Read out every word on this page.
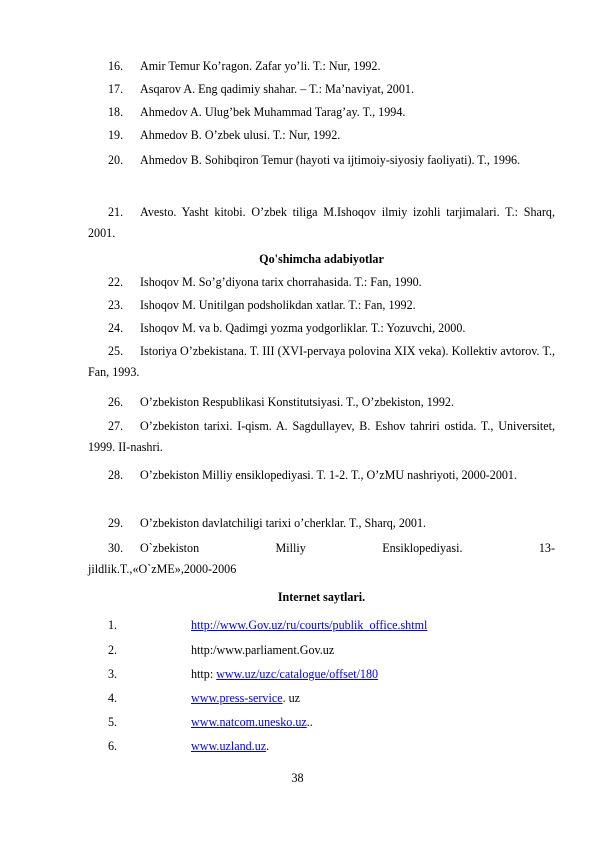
16.	Amir Temur Ko’ragon. Zafar yo’li. T.: Nur, 1992.
17.	Asqarov A. Eng qadimiy shahar. – T.: Ma’naviyat, 2001.
18.	Ahmedov A. Ulug’bek Muhammad Tarag’ay. T., 1994.
19.	Ahmedov B. O’zbek ulusi. T.: Nur, 1992.
20.	Ahmedov B. Sohibqiron Temur (hayoti va ijtimoiy-siyosiy faoliyati). T., 1996.
21.	Avesto. Yasht kitobi. O’zbek tiliga M.Ishoqov ilmiy izohli tarjimalari. T.: Sharq, 2001.
Qo'shimcha adabiyotlar
22.	Ishoqov M. So’g’diyona tarix chorrahasida. T.: Fan, 1990.
23.	Ishoqov M. Unitilgan podsholikdan xatlar. T.: Fan, 1992.
24.	Ishoqov M. va b. Qadimgi yozma yodgorliklar. T.: Yozuvchi, 2000.
25.	Istoriya O’zbekistana. T. III (XVI-pervaya polovina XIX veka). Kollektiv avtorov. T., Fan, 1993.
26.	O’zbekiston Respublikasi Konstitutsiyasi. T., O’zbekiston, 1992.
27.	O’zbekiston tarixi. I-qism. A. Sagdullayev, B. Eshov tahriri ostida. T., Universitet, 1999. II-nashri.
28.	O’zbekiston Milliy ensiklopediyasi. T. 1-2. T., O’zMU nashriyoti, 2000-2001.
29.	O’zbekiston davlatchiligi tarixi o’cherklar. T., Sharq, 2001.
30. O`zbekiston	Milliy	Ensiklopediyasi.	13-
jildlik.T.,«O`zME»,2000-2006
Internet saytlari.
1.	http://www.Gov.uz/ru/courts/publik_office.shtml
2.	http:/www.parliament.Gov.uz
3.	http: www.uz/uzc/catalogue/offset/180
4.	www.press-service. uz
5.	www.natcom.unesko.uz..
6.	www.uzland.uz.
38
